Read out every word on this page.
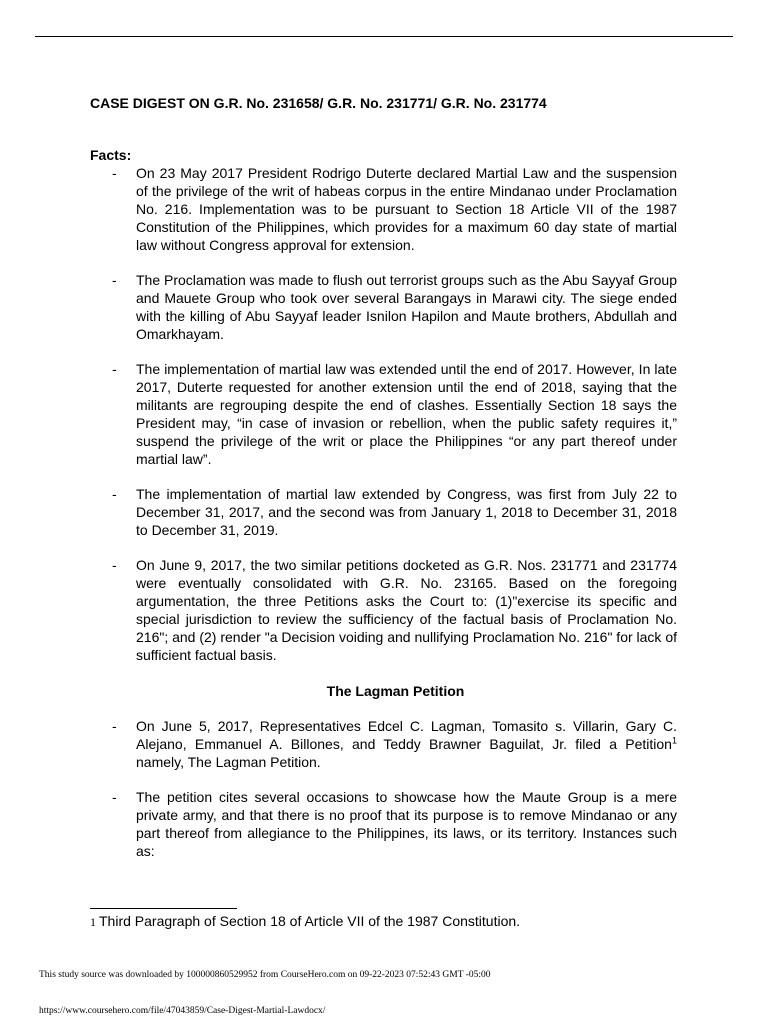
CASE DIGEST ON G.R. No. 231658/ G.R. No. 231771/ G.R. No. 231774
Facts:
- On 23 May 2017 President Rodrigo Duterte declared Martial Law and the suspension of the privilege of the writ of habeas corpus in the entire Mindanao under Proclamation No. 216. Implementation was to be pursuant to Section 18 Article VII of the 1987 Constitution of the Philippines, which provides for a maximum 60 day state of martial law without Congress approval for extension.
- The Proclamation was made to flush out terrorist groups such as the Abu Sayyaf Group and Mauete Group who took over several Barangays in Marawi city. The siege ended with the killing of Abu Sayyaf leader Isnilon Hapilon and Maute brothers, Abdullah and Omarkhayam.
- The implementation of martial law was extended until the end of 2017. However, In late 2017, Duterte requested for another extension until the end of 2018, saying that the militants are regrouping despite the end of clashes. Essentially Section 18 says the President may, “in case of invasion or rebellion, when the public safety requires it,” suspend the privilege of the writ or place the Philippines “or any part thereof under martial law”.
- The implementation of martial law extended by Congress, was first from July 22 to December 31, 2017, and the second was from January 1, 2018 to December 31, 2018 to December 31, 2019.
- On June 9, 2017, the two similar petitions docketed as G.R. Nos. 231771 and 231774 were eventually consolidated with G.R. No. 23165. Based on the foregoing argumentation, the three Petitions asks the Court to: (1)"exercise its specific and special jurisdiction to review the sufficiency of the factual basis of Proclamation No. 216"; and (2) render "a Decision voiding and nullifying Proclamation No. 216" for lack of sufficient factual basis.
The Lagman Petition
- On June 5, 2017, Representatives Edcel C. Lagman, Tomasito s. Villarin, Gary C. Alejano, Emmanuel A. Billones, and Teddy Brawner Baguilat, Jr. filed a Petition$^1$ namely, The Lagman Petition.
- The petition cites several occasions to showcase how the Maute Group is a mere private army, and that there is no proof that its purpose is to remove Mindanao or any part thereof from allegiance to the Philippines, its laws, or its territory. Instances such as:
1 Third Paragraph of Section 18 of Article VII of the 1987 Constitution.
This study source was downloaded by 100000860529952 from CourseHero.com on 09-22-2023 07:52:43 GMT -05:00
https://www.coursehero.com/file/47043859/Case-Digest-Martial-Lawdocx/
